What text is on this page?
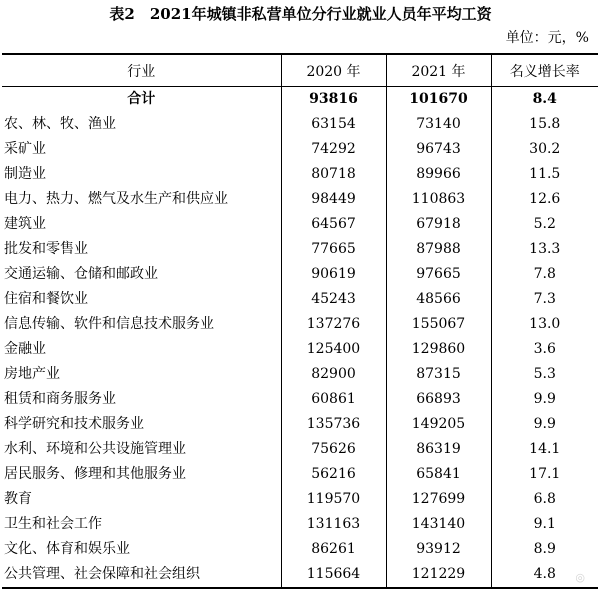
表2　2021年城镇非私营单位分行业就业人员年平均工资
单位：元，%
行业	2020 年	2021 年	名义增长率
合计	93816	101670	8.4
农、林、牧、渔业	63154	73140	15.8
采矿业	74292	96743	30.2
制造业	80718	89966	11.5
电力、热力、燃气及水生产和供应业	98449	110863	12.6
建筑业	64567	67918	5.2
批发和零售业	77665	87988	13.3
交通运输、仓储和邮政业	90619	97665	7.8
住宿和餐饮业	45243	48566	7.3
信息传输、软件和信息技术服务业	137276	155067	13.0
金融业	125400	129860	3.6
房地产业	82900	87315	5.3
租赁和商务服务业	60861	66893	9.9
科学研究和技术服务业	135736	149205	9.9
水利、环境和公共设施管理业	75626	86319	14.1
居民服务、修理和其他服务业	56216	65841	17.1
教育	119570	127699	6.8
卫生和社会工作	131163	143140	9.1
文化、体育和娱乐业	86261	93912	8.9
公共管理、社会保障和社会组织	115664	121229	4.8 ◎
